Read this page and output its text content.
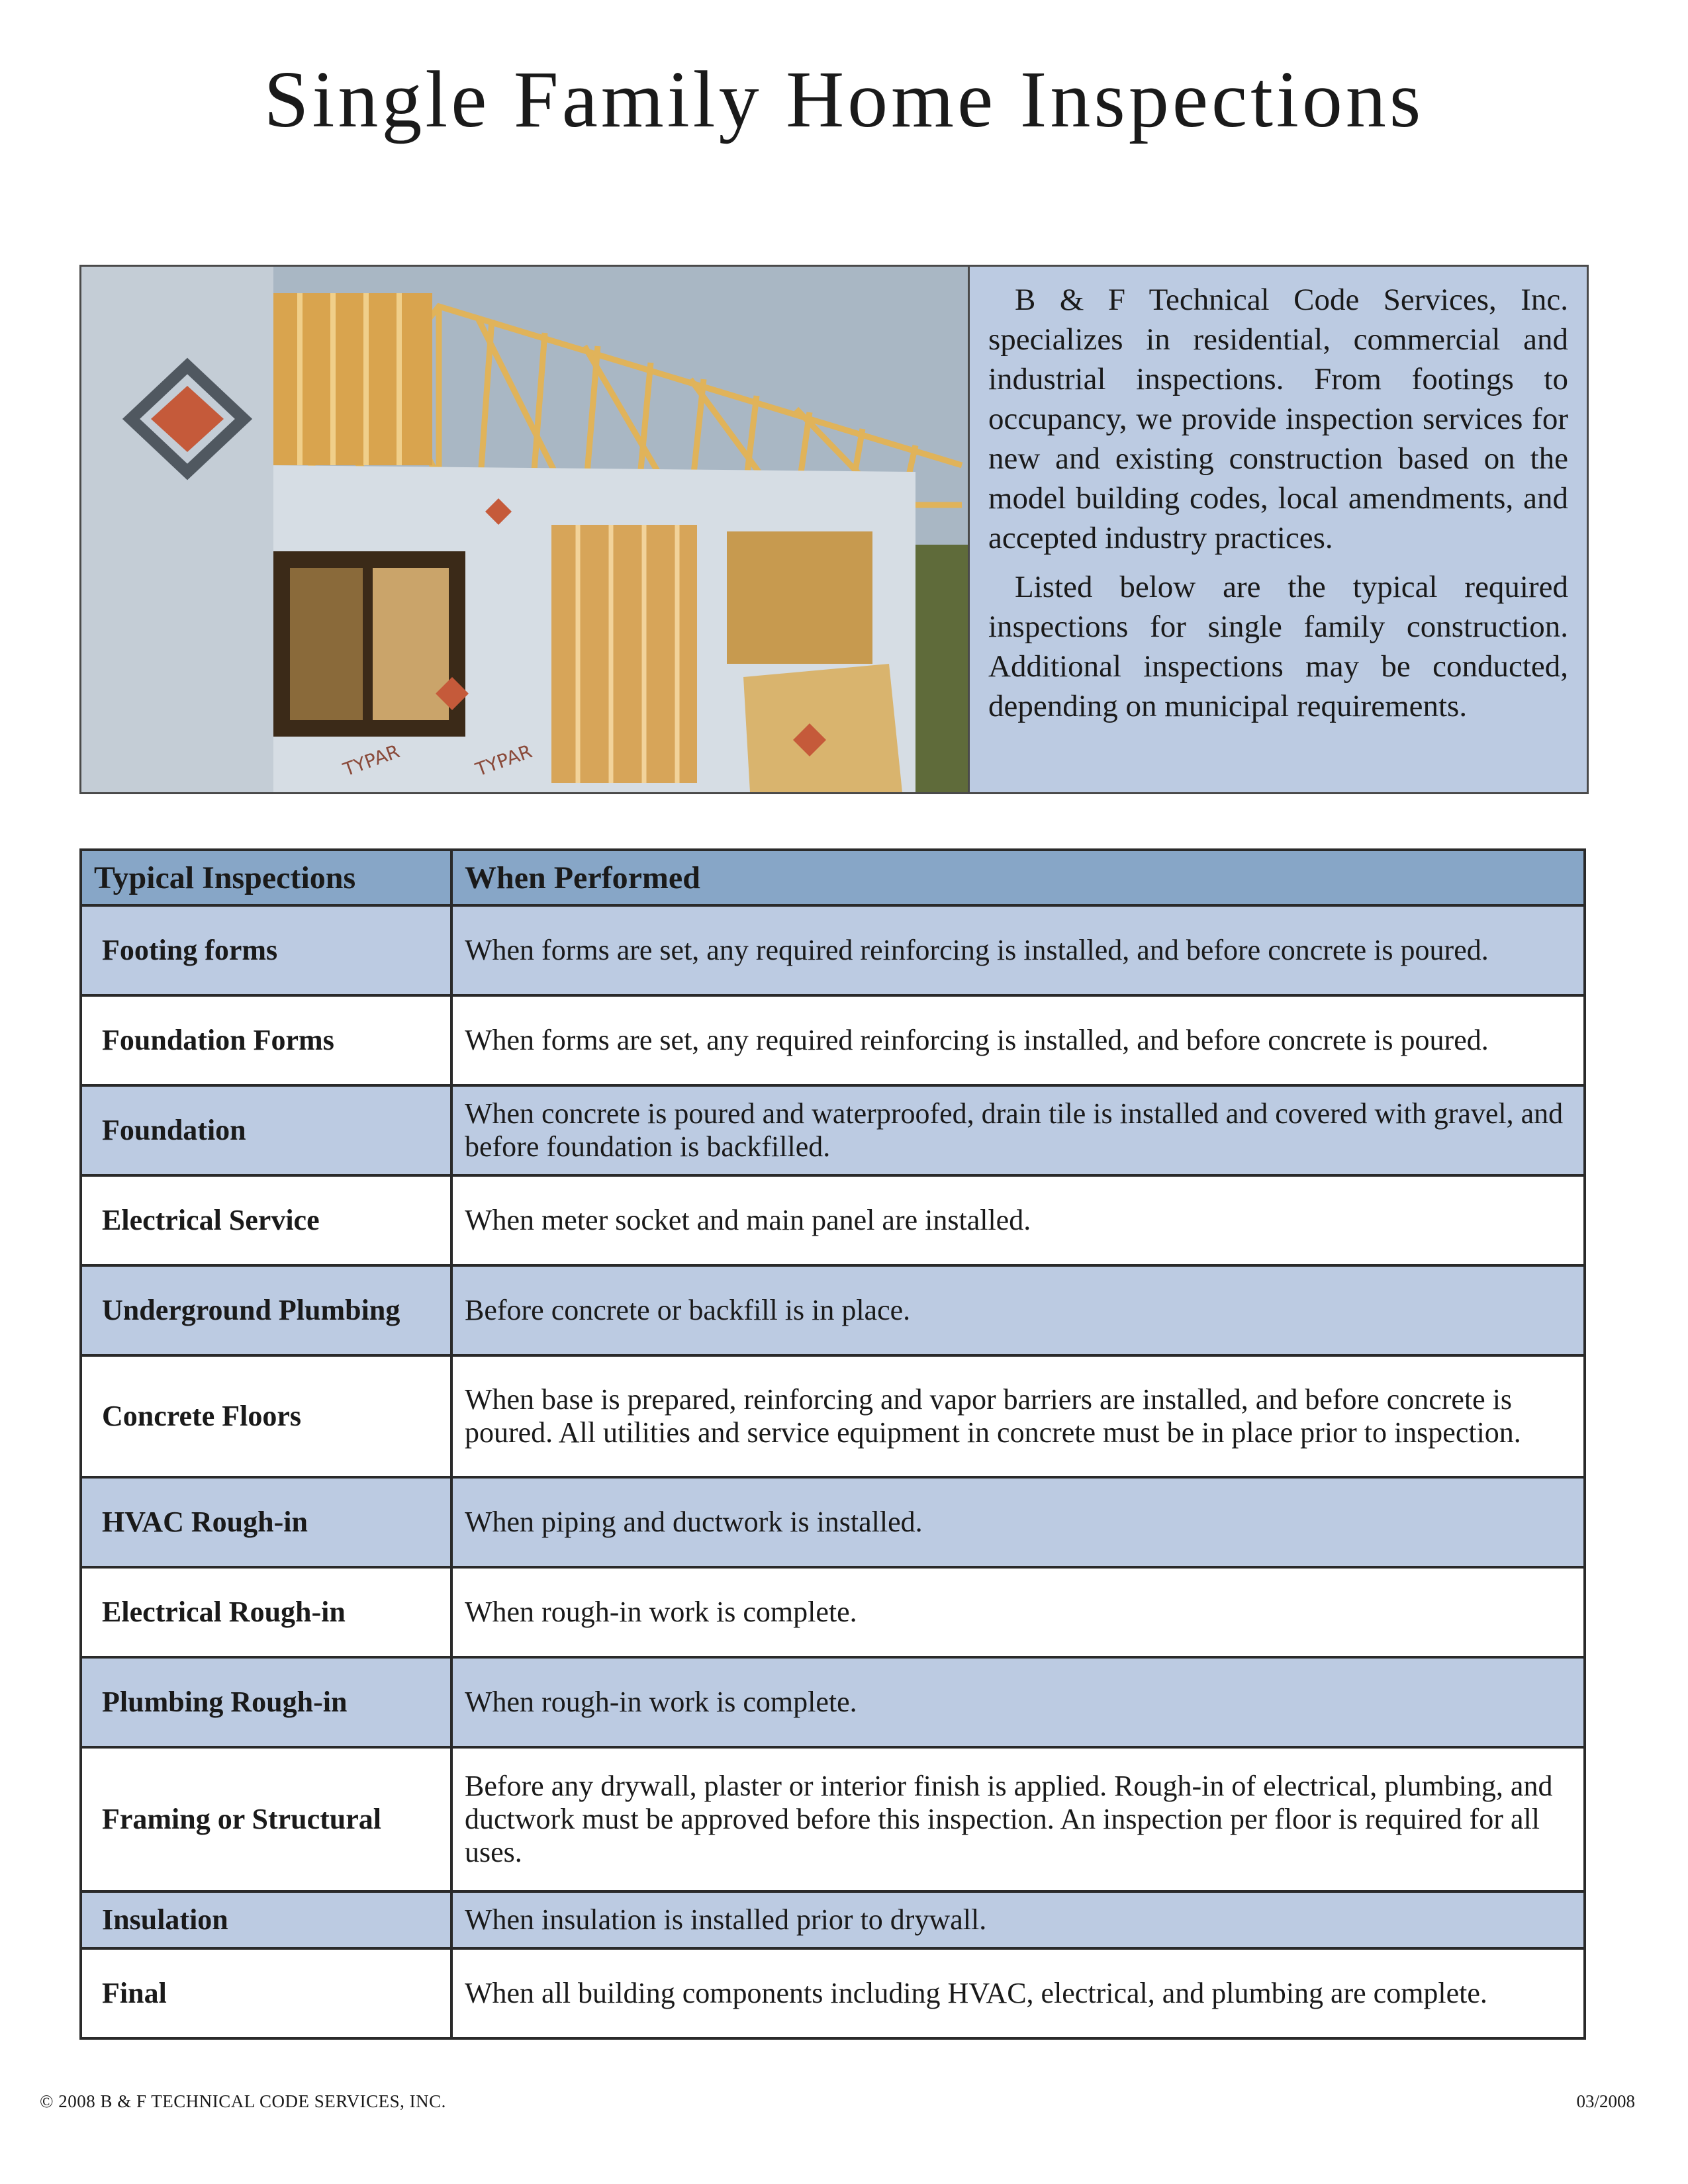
Single Family Home Inspections
TYPAR	TYPAR

B & F Technical Code Services, Inc. specializes in residential, commercial and industrial inspections. From footings to occupancy, we provide inspection services for new and existing construction based on the model building codes, local amendments, and accepted industry practices.

Listed below are the typical required inspections for single family construction. Additional inspections may be conducted, depending on municipal requirements.

Typical Inspections	When Performed
Footing forms	When forms are set, any required reinforcing is installed, and before concrete is poured.
Foundation Forms	When forms are set, any required reinforcing is installed, and before concrete is poured.
Foundation	When concrete is poured and waterproofed, drain tile is installed and covered with gravel, and before foundation is backfilled.
Electrical Service	When meter socket and main panel are installed.
Underground Plumbing	Before concrete or backfill is in place.
Concrete Floors	When base is prepared, reinforcing and vapor barriers are installed, and before concrete is poured. All utilities and service equipment in concrete must be in place prior to inspection.
HVAC Rough-in	When piping and ductwork is installed.
Electrical Rough-in	When rough-in work is complete.
Plumbing Rough-in	When rough-in work is complete.
Framing or Structural	Before any drywall, plaster or interior finish is applied. Rough-in of electrical, plumbing, and ductwork must be approved before this inspection. An inspection per floor is required for all uses.
Insulation	When insulation is installed prior to drywall.
Final	When all building components including HVAC, electrical, and plumbing are complete.
© 2008 B & F TECHNICAL CODE SERVICES, INC.	03/2008
